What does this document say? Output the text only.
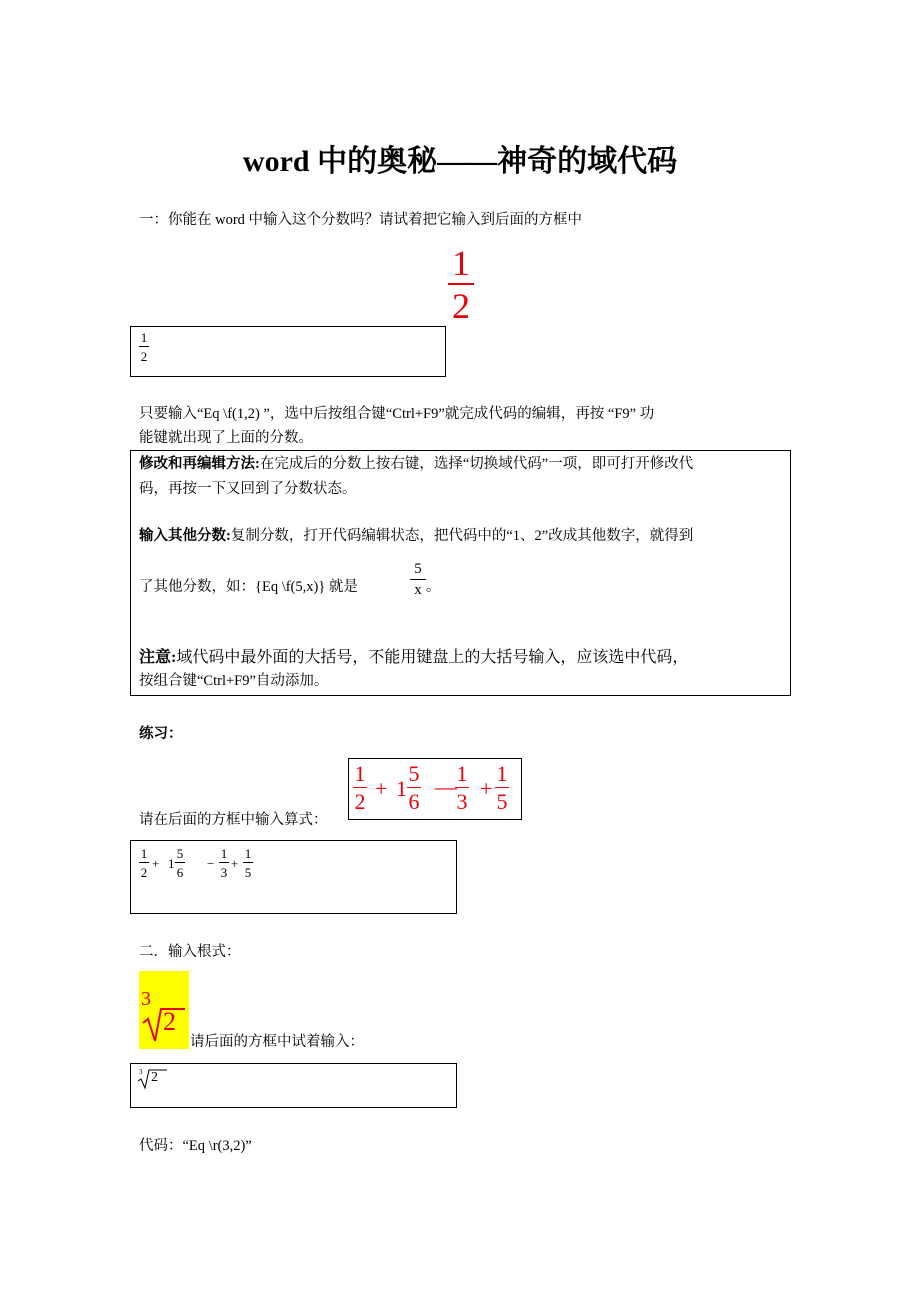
word 中的奥秘——神奇的域代码
一：你能在 word 中输入这个分数吗？请试着把它输入到后面的方框中
$\frac{1}{2}$
$\frac{1}{2}$
只要输入“Eq \f(1,2) ”，选中后按组合键“Ctrl+F9”就完成代码的编辑，再按 “F9” 功
能键就出现了上面的分数。
修改和再编辑方法:在完成后的分数上按右键，选择“切换域代码”一项，即可打开修改代
码，再按一下又回到了分数状态。
输入其他分数:复制分数，打开代码编辑状态，把代码中的“1、2”改成其他数字，就得到
了其他分数，如：{Eq \f(5,x)} 就是	$\frac{5}{x}$ 。
注意:域代码中最外面的大括号，不能用键盘上的大括号输入，应该选中代码，
按组合键“Ctrl+F9”自动添加。
练习：
$\frac{1}{2} + 1 \frac{5}{6}$ —
$\frac{1}{3} + \frac{1}{5}$
请在后面的方框中输入算式：
$\frac{1}{2} + 1 \frac{5}{6} - \frac{1}{3} + \frac{1}{5}$
二．输入根式：
3
2
请后面的方框中试着输入：
3 2
代码：“Eq \r(3,2)”
